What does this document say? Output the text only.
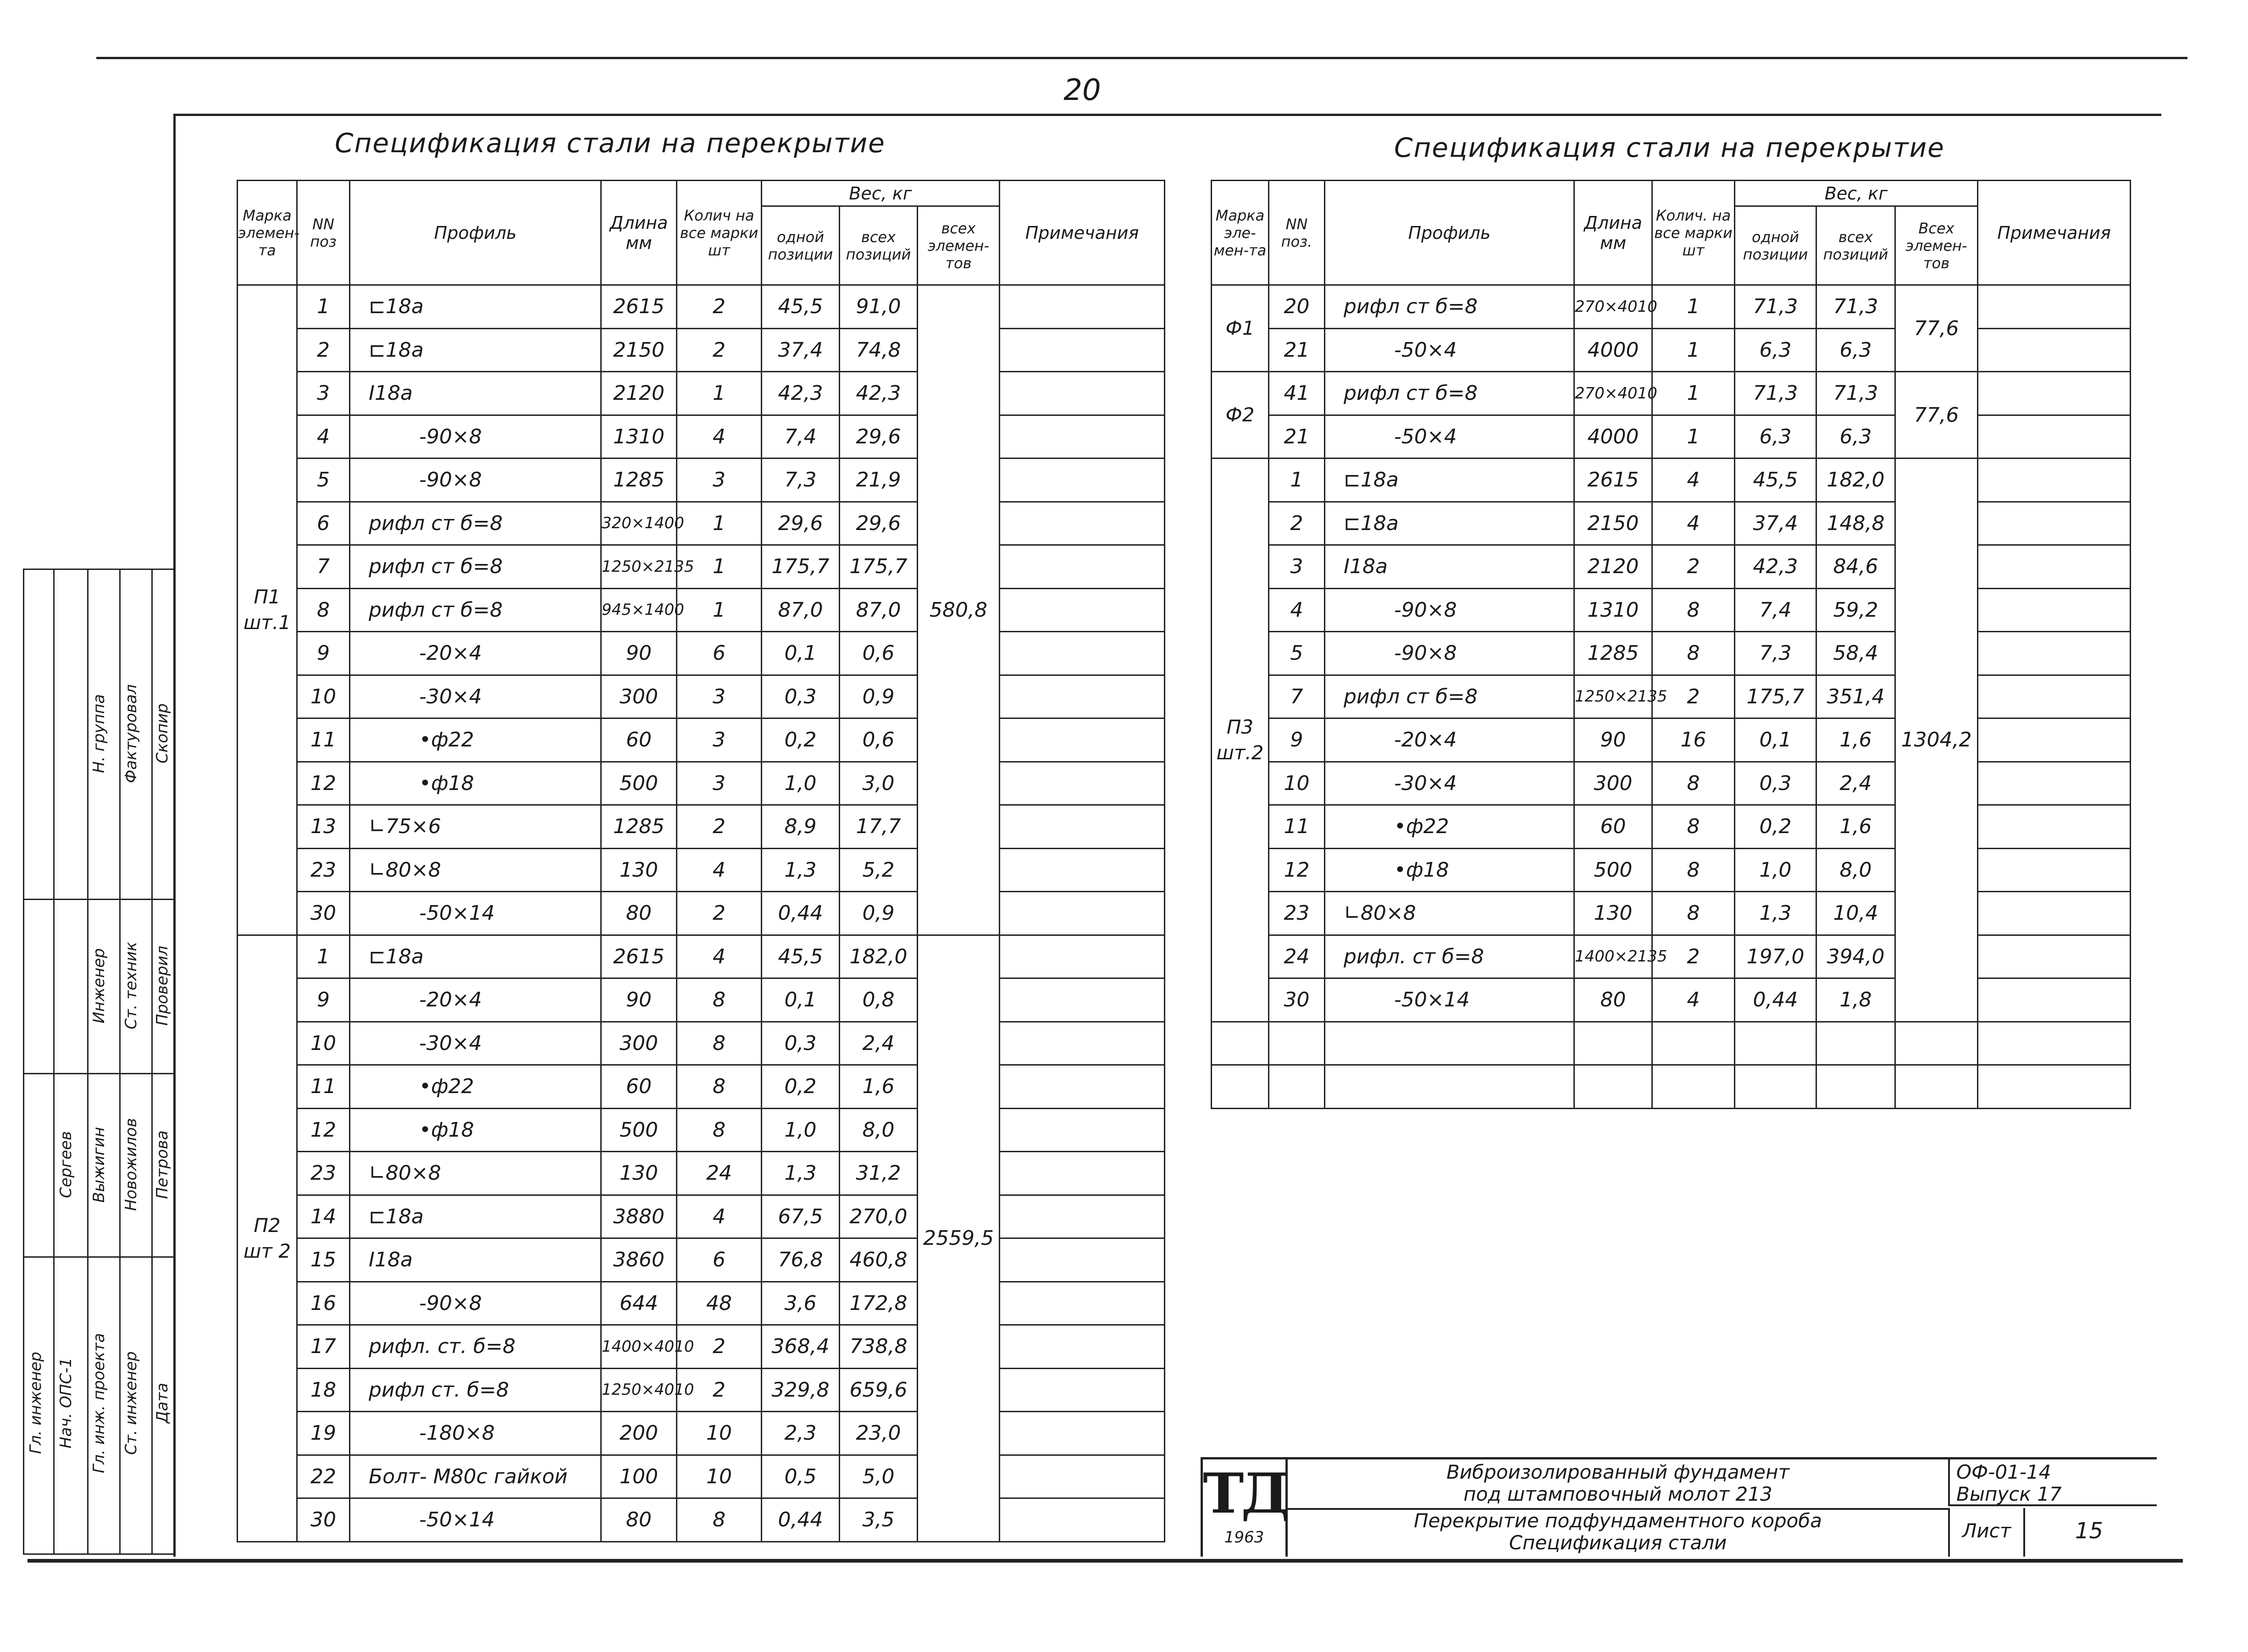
20
Спецификация стали на перекрытие	Спецификация стали на перекрытие
Марка элемен-та	NN поз	Профиль	Длина мм	Колич на все марки шт	Вес, кг			Примечания
					одной позиции	всех позиций	всех элемен-тов	
П1 шт.1	1	⊏18а	2615	2	45,5	91,0	580,8	
	2	⊏18а	2150	2	37,4	74,8		
	3	I18а	2120	1	42,3	42,3		
	4	-90×8	1310	4	7,4	29,6		
	5	-90×8	1285	3	7,3	21,9		
	6	рифл ст б=8	320×1400	1	29,6	29,6		
	7	рифл ст б=8	1250×2135	1	175,7	175,7		
	8	рифл ст б=8	945×1400	1	87,0	87,0		
	9	-20×4	90	6	0,1	0,6		
	10	-30×4	300	3	0,3	0,9		
	11	•ф22	60	3	0,2	0,6		
	12	•ф18	500	3	1,0	3,0		
	13	∟75×6	1285	2	8,9	17,7		
	23	∟80×8	130	4	1,3	5,2		
	30	-50×14	80	2	0,44	0,9		
П2 шт 2	1	⊏18а	2615	4	45,5	182,0	2559,5	
	9	-20×4	90	8	0,1	0,8		
	10	-30×4	300	8	0,3	2,4		
	11	•ф22	60	8	0,2	1,6		
	12	•ф18	500	8	1,0	8,0		
	23	∟80×8	130	24	1,3	31,2		
	14	⊏18а	3880	4	67,5	270,0		
	15	I18а	3860	6	76,8	460,8		
	16	-90×8	644	48	3,6	172,8		
	17	рифл. ст. б=8	1400×4010	2	368,4	738,8		
	18	рифл ст. б=8	1250×4010	2	329,8	659,6		
	19	-180×8	200	10	2,3	23,0		
	22	Болт- М80с гайкой	100	10	0,5	5,0		
	30	-50×14	80	8	0,44	3,5		
Марка эле-мен-та	NN поз.	Профиль	Длина мм	Колич. на все марки шт	Вес, кг			Примечания
					одной позиции	всех позиций	Всех элемен-тов	
Ф1	20	рифл ст б=8	270×4010	1	71,3	71,3	77,6	
	21	-50×4	4000	1	6,3	6,3		
Ф2	41	рифл ст б=8	270×4010	1	71,3	71,3	77,6	
	21	-50×4	4000	1	6,3	6,3		
П3 шт.2	1	⊏18а	2615	4	45,5	182,0	1304,2	
	2	⊏18а	2150	4	37,4	148,8		
	3	I18а	2120	2	42,3	84,6		
	4	-90×8	1310	8	7,4	59,2		
	5	-90×8	1285	8	7,3	58,4		
	7	рифл ст б=8	1250×2135	2	175,7	351,4		
	9	-20×4	90	16	0,1	1,6		
	10	-30×4	300	8	0,3	2,4		
	11	•ф22	60	8	0,2	1,6		
	12	•ф18	500	8	1,0	8,0		
	23	∟80×8	130	8	1,3	10,4		
	24	рифл. ст б=8	1400×2135	2	197,0	394,0		
	30	-50×14	80	4	0,44	1,8		

ТД
1963
Виброизолированный фундамент
под штамповочный молот 213
Перекрытие подфундаментного короба
Спецификация стали
ОФ-01-14
Выпуск 17
Лист	15
Гл. инженер Нач. ОПС-1 Гл. инж. проекта Ст. инженер Дата
Сергеев Выжигин Новожилов Петрова
Инженер Ст. техник Проверил
Н. группа Фактуровал Скопир
